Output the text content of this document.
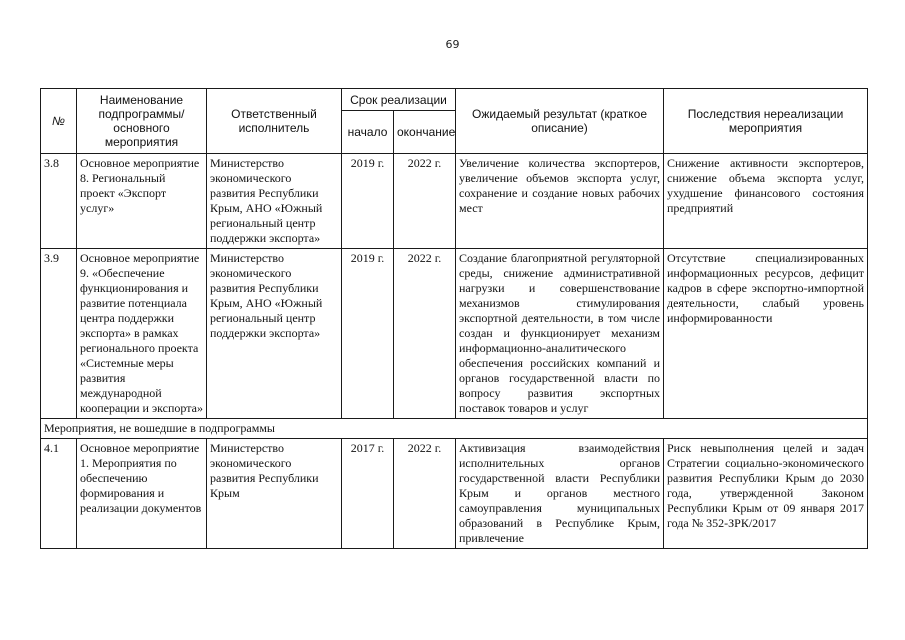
69
№	Наименование подпрограммы/ основного мероприятия	Ответственный исполнитель	Срок реализации		Ожидаемый результат (краткое описание)	Последствия нереализации мероприятия
			начало	окончание		
3.8	Основное мероприятие 8. Региональный проект «Экспорт услуг»	Министерство экономического развития Республики Крым, АНО «Южный региональный центр поддержки экспорта»	2019 г.	2022 г.	Увеличение количества экспортеров, увеличение объемов экспорта услуг, сохранение и создание новых рабочих мест	Снижение активности экспортеров, снижение объема экспорта услуг, ухудшение финансового состояния предприятий
3.9	Основное мероприятие 9. «Обеспечение функционирования и развитие потенциала центра поддержки экспорта» в рамках регионального проекта «Системные меры развития международной кооперации и экспорта»	Министерство экономического развития Республики Крым, АНО «Южный региональный центр поддержки экспорта»	2019 г.	2022 г.	Создание благоприятной регуляторной среды, снижение административной нагрузки и совершенствование механизмов стимулирования экспортной деятельности, в том числе создан и функционирует механизм информационно-аналитического обеспечения российских компаний и органов государственной власти по вопросу развития экспортных поставок товаров и услуг	Отсутствие специализированных информационных ресурсов, дефицит кадров в сфере экспортно-импортной деятельности, слабый уровень информированности
Мероприятия, не вошедшие в подпрограммы						
4.1	Основное мероприятие 1. Мероприятия по обеспечению формирования и реализации документов	Министерство экономического развития Республики Крым	2017 г.	2022 г.	Активизация взаимодействия исполнительных органов государственной власти Республики Крым и органов местного самоуправления муниципальных образований в Республике Крым, привлечение	Риск невыполнения целей и задач Стратегии социально-экономического развития Республики Крым до 2030 года, утвержденной Законом Республики Крым от 09 января 2017 года № 352-ЗРК/2017
